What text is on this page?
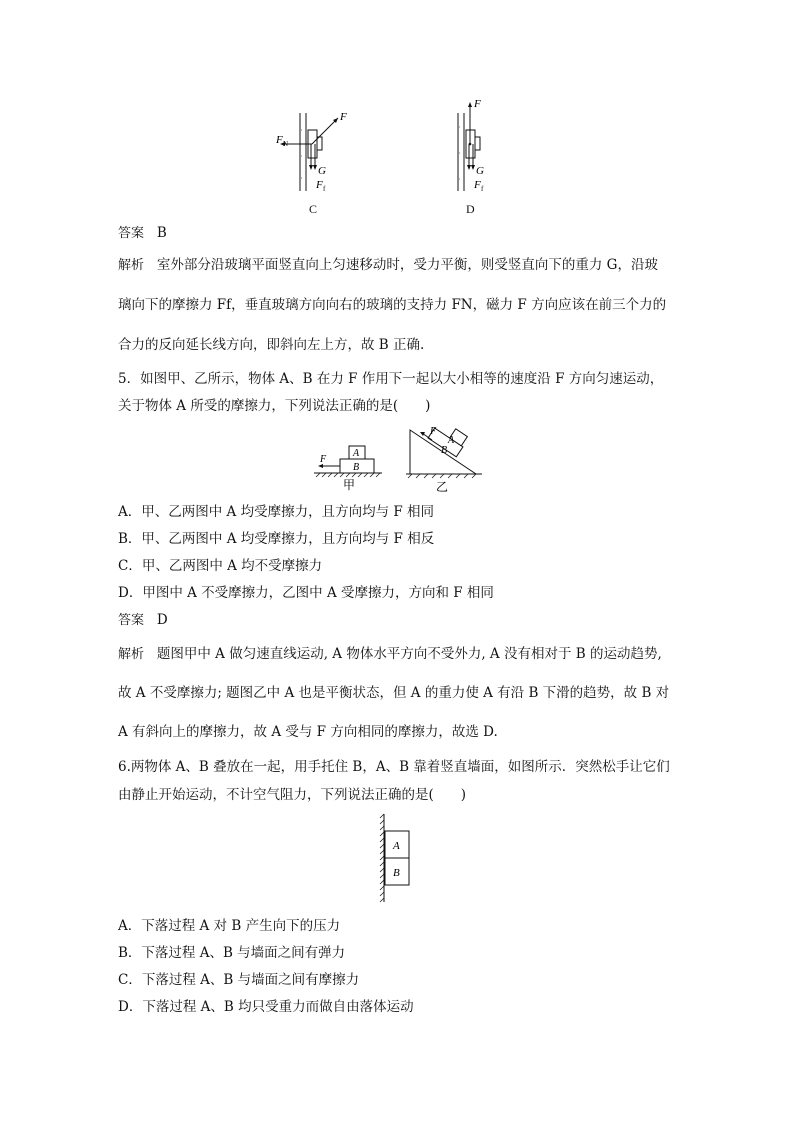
,
,
,
F
F N
G
F f
C
,
,
,
F
G
F f
D
答案 B
解析 室外部分沿玻璃平面竖直向上匀速移动时，受力平衡，则受竖直向下的重力 G，沿玻
璃向下的摩擦力 Ff，垂直玻璃方向向右的玻璃的支持力 FN，磁力 F 方向应该在前三个力的
合力的反向延长线方向，即斜向左上方，故 B 正确.
5．如图甲、乙所示，物体 A、B 在力 F 作用下一起以大小相等的速度沿 F 方向匀速运动，
关于物体 A 所受的摩擦力，下列说法正确的是(　　)
F
A
B
甲
F
A
B
乙
A．甲、乙两图中 A 均受摩擦力，且方向均与 F 相同
B．甲、乙两图中 A 均受摩擦力，且方向均与 F 相反
C．甲、乙两图中 A 均不受摩擦力
D．甲图中 A 不受摩擦力，乙图中 A 受摩擦力，方向和 F 相同
答案 D
解析 题图甲中 A 做匀速直线运动, A 物体水平方向不受外力, A 没有相对于 B 的运动趋势,
故 A 不受摩擦力; 题图乙中 A 也是平衡状态，但 A 的重力使 A 有沿 B 下滑的趋势，故 B 对
A 有斜向上的摩擦力，故 A 受与 F 方向相同的摩擦力，故选 D.
6.两物体 A、B 叠放在一起，用手托住 B，A、B 靠着竖直墙面，如图所示．突然松手让它们
由静止开始运动，不计空气阻力，下列说法正确的是(　　)
A
B
A．下落过程 A 对 B 产生向下的压力
B．下落过程 A、B 与墙面之间有弹力
C．下落过程 A、B 与墙面之间有摩擦力
D．下落过程 A、B 均只受重力而做自由落体运动
